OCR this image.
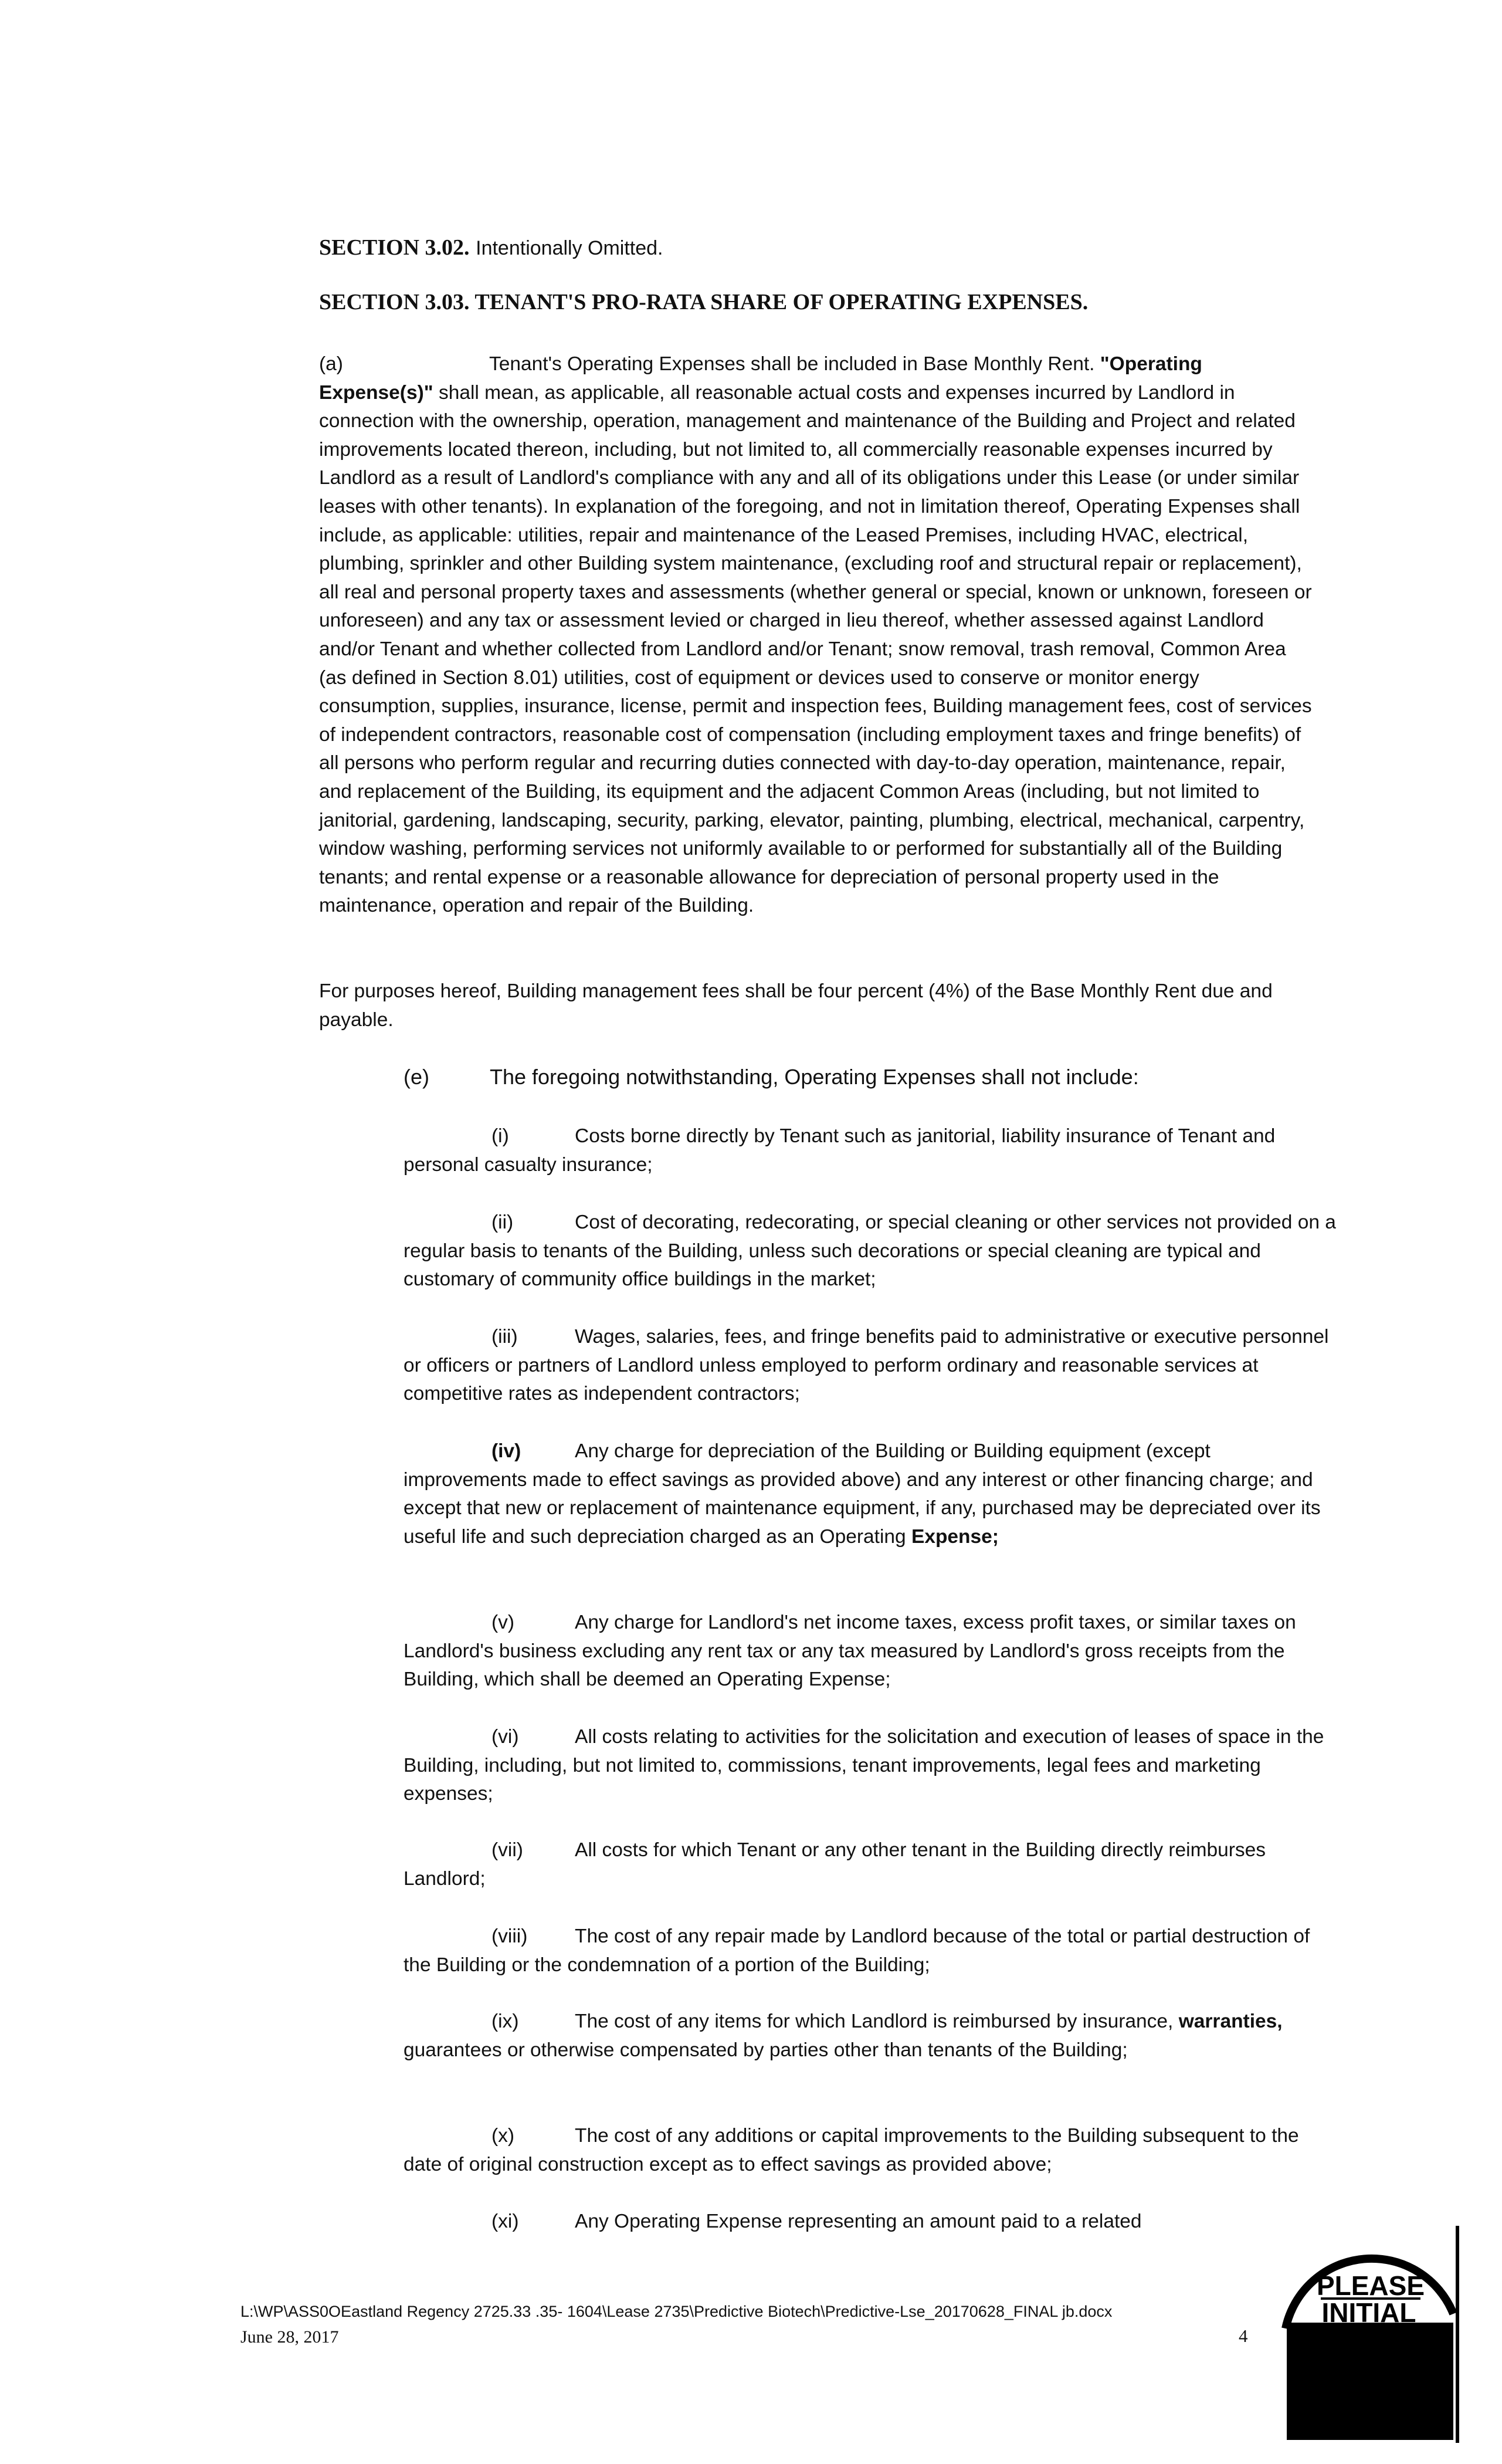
SECTION 3.02. Intentionally Omitted.
SECTION 3.03. TENANT'S PRO-RATA SHARE OF OPERATING EXPENSES.
(a)	Tenant's Operating Expenses shall be included in Base Monthly Rent. "Operating Expense(s)" shall mean, as applicable, all reasonable actual costs and expenses incurred by Landlord in connection with the ownership, operation, management and maintenance of the Building and Project and related improvements located thereon, including, but not limited to, all commercially reasonable expenses incurred by Landlord as a result of Landlord's compliance with any and all of its obligations under this Lease (or under similar leases with other tenants). In explanation of the foregoing, and not in limitation thereof, Operating Expenses shall include, as applicable: utilities, repair and maintenance of the Leased Premises, including HVAC, electrical, plumbing, sprinkler and other Building system maintenance, (excluding roof and structural repair or replacement), all real and personal property taxes and assessments (whether general or special, known or unknown, foreseen or unforeseen) and any tax or assessment levied or charged in lieu thereof, whether assessed against Landlord and/or Tenant and whether collected from Landlord and/or Tenant; snow removal, trash removal, Common Area (as defined in Section 8.01) utilities, cost of equipment or devices used to conserve or monitor energy consumption, supplies, insurance, license, permit and inspection fees, Building management fees, cost of services of independent contractors, reasonable cost of compensation (including employment taxes and fringe benefits) of all persons who perform regular and recurring duties connected with day-to-day operation, maintenance, repair, and replacement of the Building, its equipment and the adjacent Common Areas (including, but not limited to janitorial, gardening, landscaping, security, parking, elevator, painting, plumbing, electrical, mechanical, carpentry, window washing, performing services not uniformly available to or performed for substantially all of the Building tenants; and rental expense or a reasonable allowance for depreciation of personal property used in the maintenance, operation and repair of the Building.
For purposes hereof, Building management fees shall be four percent (4%) of the Base Monthly Rent due and payable.
(e)	The foregoing notwithstanding, Operating Expenses shall not include:
(i)	Costs borne directly by Tenant such as janitorial, liability insurance of Tenant and personal casualty insurance;
(ii)	Cost of decorating, redecorating, or special cleaning or other services not provided on a regular basis to tenants of the Building, unless such decorations or special cleaning are typical and customary of community office buildings in the market;
(iii)	Wages, salaries, fees, and fringe benefits paid to administrative or executive personnel or officers or partners of Landlord unless employed to perform ordinary and reasonable services at competitive rates as independent contractors;
(iv)	Any charge for depreciation of the Building or Building equipment (except improvements made to effect savings as provided above) and any interest or other financing charge; and except that new or replacement of maintenance equipment, if any, purchased may be depreciated over its useful life and such depreciation charged as an Operating Expense;
(v)	Any charge for Landlord's net income taxes, excess profit taxes, or similar taxes on Landlord's business excluding any rent tax or any tax measured by Landlord's gross receipts from the Building, which shall be deemed an Operating Expense;
(vi)	All costs relating to activities for the solicitation and execution of leases of space in the Building, including, but not limited to, commissions, tenant improvements, legal fees and marketing expenses;
(vii)	All costs for which Tenant or any other tenant in the Building directly reimburses Landlord;
(viii) The cost of any repair made by Landlord because of the total or partial destruction of the Building or the condemnation of a portion of the Building;
(ix)	The cost of any items for which Landlord is reimbursed by insurance, warranties, guarantees or otherwise compensated by parties other than tenants of the Building;
(x)	The cost of any additions or capital improvements to the Building subsequent to the date of original construction except as to effect savings as provided above;
(xi)	Any Operating Expense representing an amount paid to a related
L:\WP\ASS0OEastland Regency 2725.33 .35- 1604\Lease 2735\Predictive Biotech\Predictive-Lse_20170628_FINAL jb.docx
June 28, 2017	4
PLEASE
INITIAL
